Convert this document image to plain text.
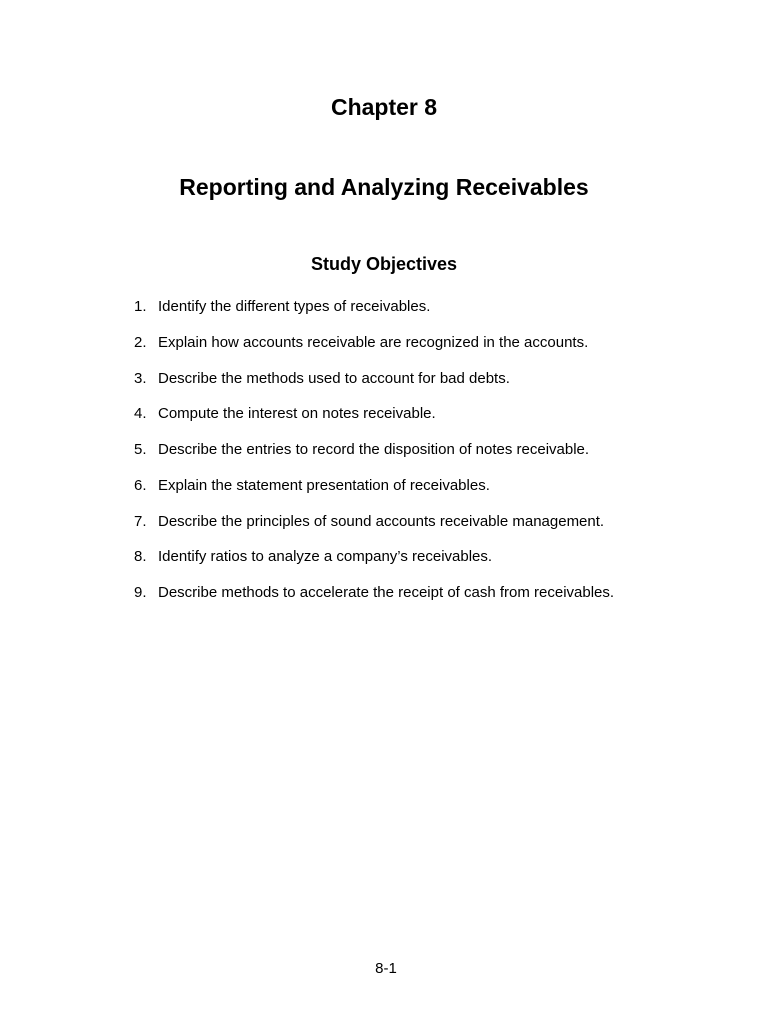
Chapter 8
Reporting and Analyzing Receivables
Study Objectives
1. Identify the different types of receivables.
2. Explain how accounts receivable are recognized in the accounts.
3. Describe the methods used to account for bad debts.
4. Compute the interest on notes receivable.
5. Describe the entries to record the disposition of notes receivable.
6. Explain the statement presentation of receivables.
7. Describe the principles of sound accounts receivable management.
8. Identify ratios to analyze a company’s receivables.
9. Describe methods to accelerate the receipt of cash from receivables.
8-1
